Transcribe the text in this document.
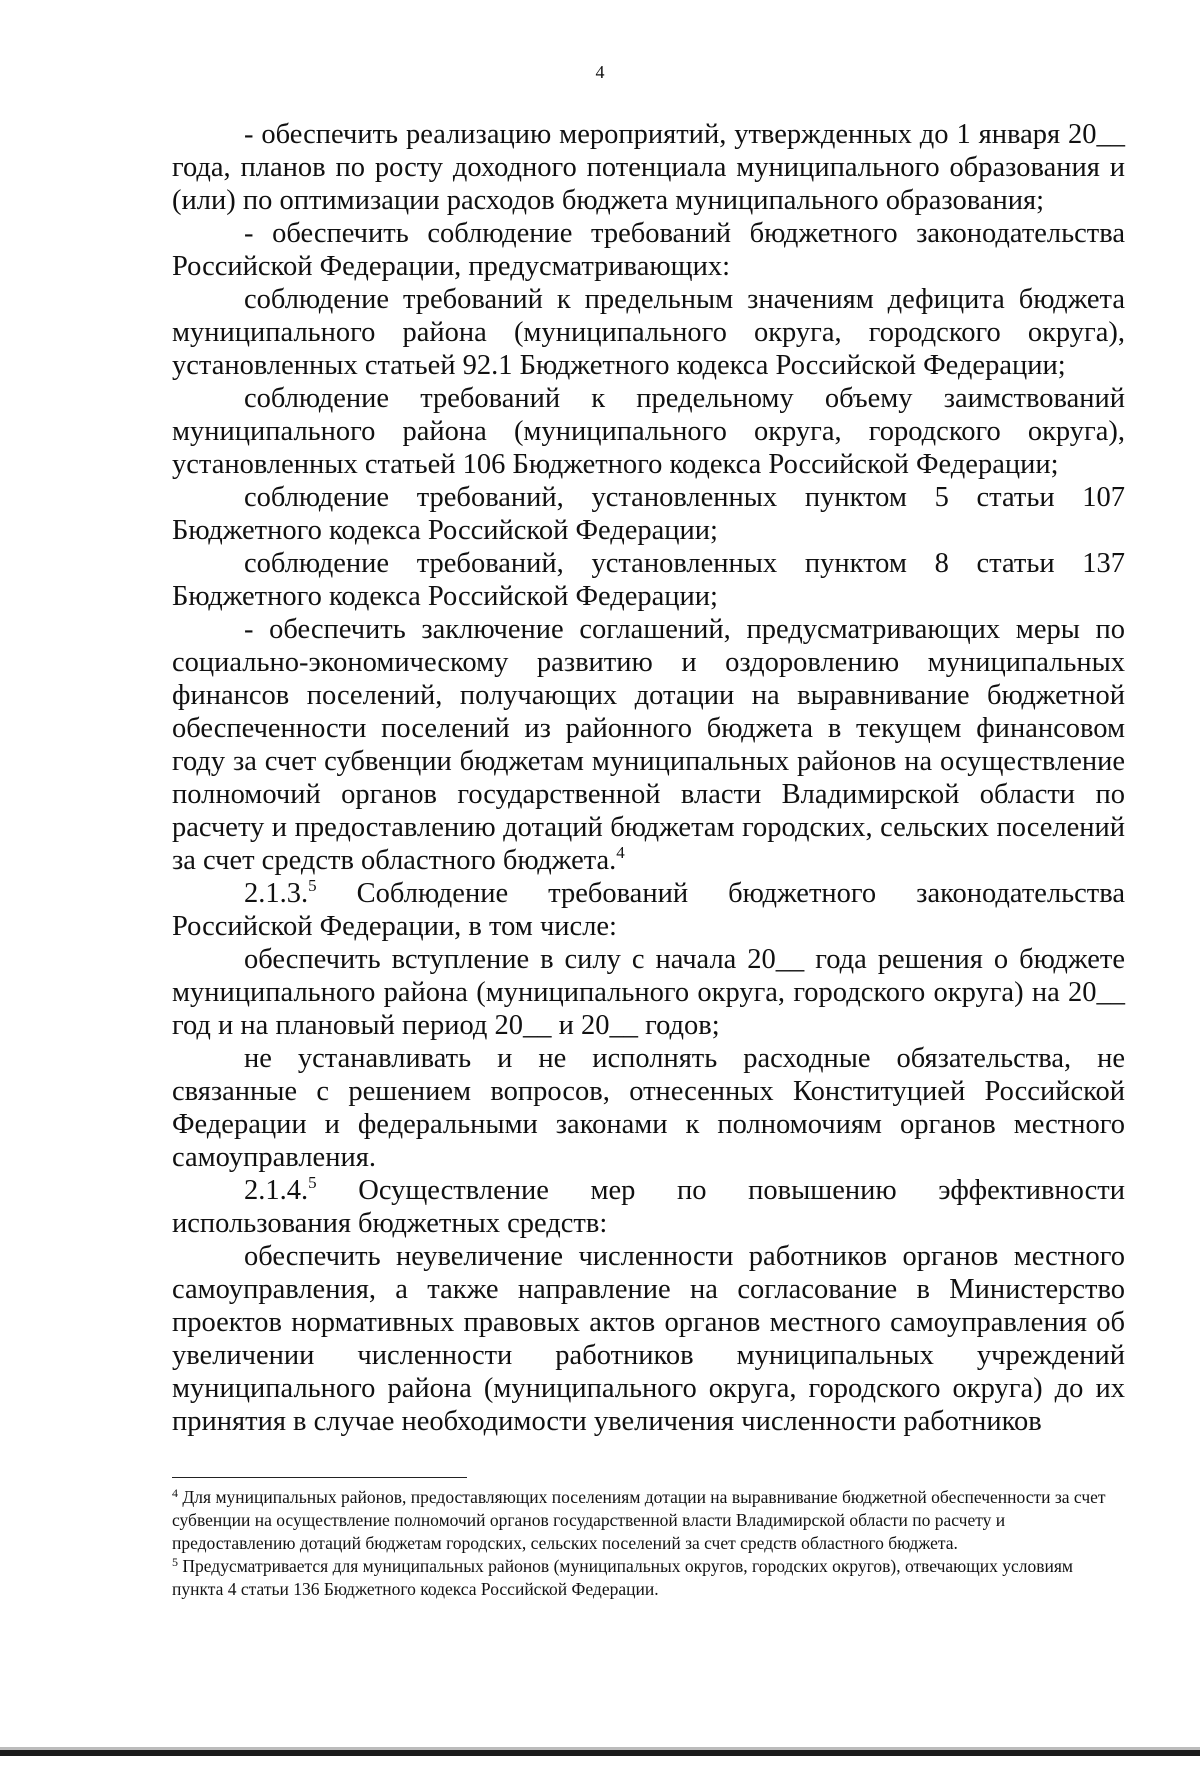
4

- обеспечить реализацию мероприятий, утвержденных до 1 января 20__ года, планов по росту доходного потенциала муниципального образования и (или) по оптимизации расходов бюджета муниципального образования;

- обеспечить соблюдение требований бюджетного законодательства Российской Федерации, предусматривающих:

соблюдение требований к предельным значениям дефицита бюджета муниципального района (муниципального округа, городского округа), установленных статьей 92.1 Бюджетного кодекса Российской Федерации;

соблюдение требований к предельному объему заимствований муниципального района (муниципального округа, городского округа), установленных статьей 106 Бюджетного кодекса Российской Федерации;

соблюдение требований, установленных пунктом 5 статьи 107 Бюджетного кодекса Российской Федерации;

соблюдение требований, установленных пунктом 8 статьи 137 Бюджетного кодекса Российской Федерации;

- обеспечить заключение соглашений, предусматривающих меры по социально-экономическому развитию и оздоровлению муниципальных финансов поселений, получающих дотации на выравнивание бюджетной обеспеченности поселений из районного бюджета в текущем финансовом году за счет субвенции бюджетам муниципальных районов на осуществление полномочий органов государственной власти Владимирской области по расчету и предоставлению дотаций бюджетам городских, сельских поселений за счет средств областного бюджета.$^4$

2.1.3.$^5$ Соблюдение требований бюджетного законодательства Российской Федерации, в том числе:

обеспечить вступление в силу с начала 20__ года решения о бюджете муниципального района (муниципального округа, городского округа) на 20__ год и на плановый период 20__ и 20__ годов;

не устанавливать и не исполнять расходные обязательства, не связанные с решением вопросов, отнесенных Конституцией Российской Федерации и федеральными законами к полномочиям органов местного самоуправления.

2.1.4.$^5$ Осуществление мер по повышению эффективности использования бюджетных средств:

обеспечить неувеличение численности работников органов местного самоуправления, а также направление на согласование в Министерство проектов нормативных правовых актов органов местного самоуправления об увеличении численности работников муниципальных учреждений муниципального района (муниципального округа, городского округа) до их принятия в случае необходимости увеличения численности работников

$^4$ Для муниципальных районов, предоставляющих поселениям дотации на выравнивание бюджетной обеспеченности за счет субвенции на осуществление полномочий органов государственной власти Владимирской области по расчету и предоставлению дотаций бюджетам городских, сельских поселений за счет средств областного бюджета.

$^5$ Предусматривается для муниципальных районов (муниципальных округов, городских округов), отвечающих условиям пункта 4 статьи 136 Бюджетного кодекса Российской Федерации.
